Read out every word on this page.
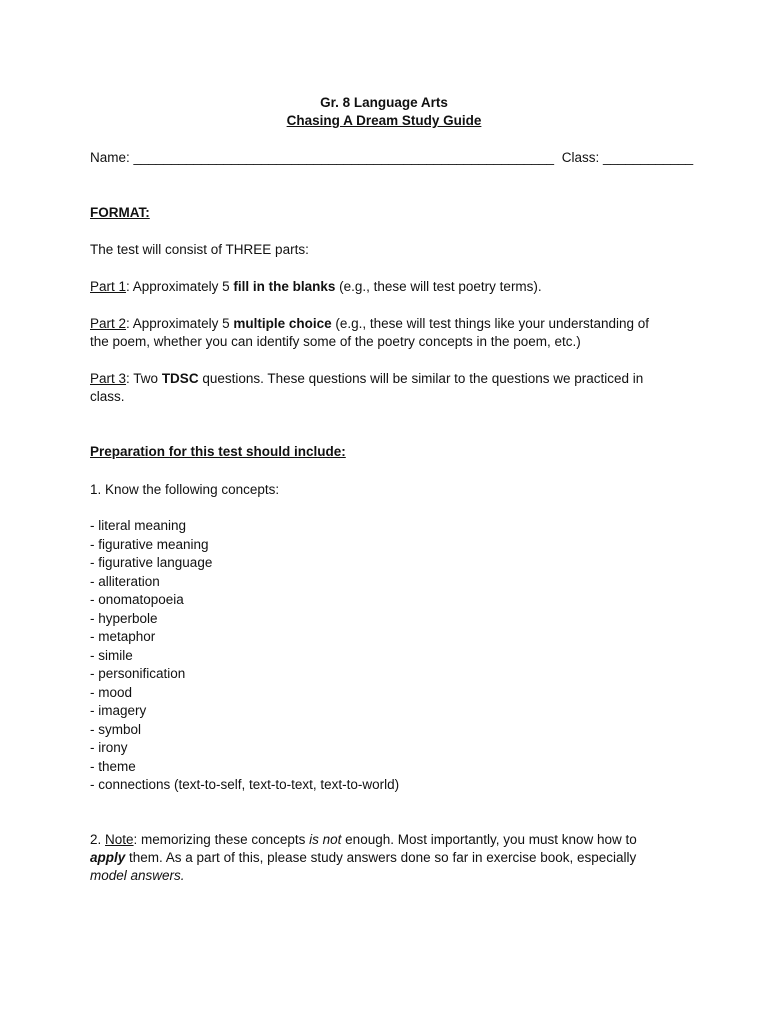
Gr. 8 Language Arts
Chasing A Dream Study Guide
Name: ________________________________________________________ Class: ____________
FORMAT:
The test will consist of THREE parts:
Part 1: Approximately 5 fill in the blanks (e.g., these will test poetry terms).
Part 2: Approximately 5 multiple choice (e.g., these will test things like your understanding of
the poem, whether you can identify some of the poetry concepts in the poem, etc.)
Part 3: Two TDSC questions. These questions will be similar to the questions we practiced in
class.
Preparation for this test should include:
1. Know the following concepts:
- literal meaning
- figurative meaning
- figurative language
- alliteration
- onomatopoeia
- hyperbole
- metaphor
- simile
- personification
- mood
- imagery
- symbol
- irony
- theme
- connections (text-to-self, text-to-text, text-to-world)
2. Note: memorizing these concepts is not enough. Most importantly, you must know how to
apply them. As a part of this, please study answers done so far in exercise book, especially
model answers.
